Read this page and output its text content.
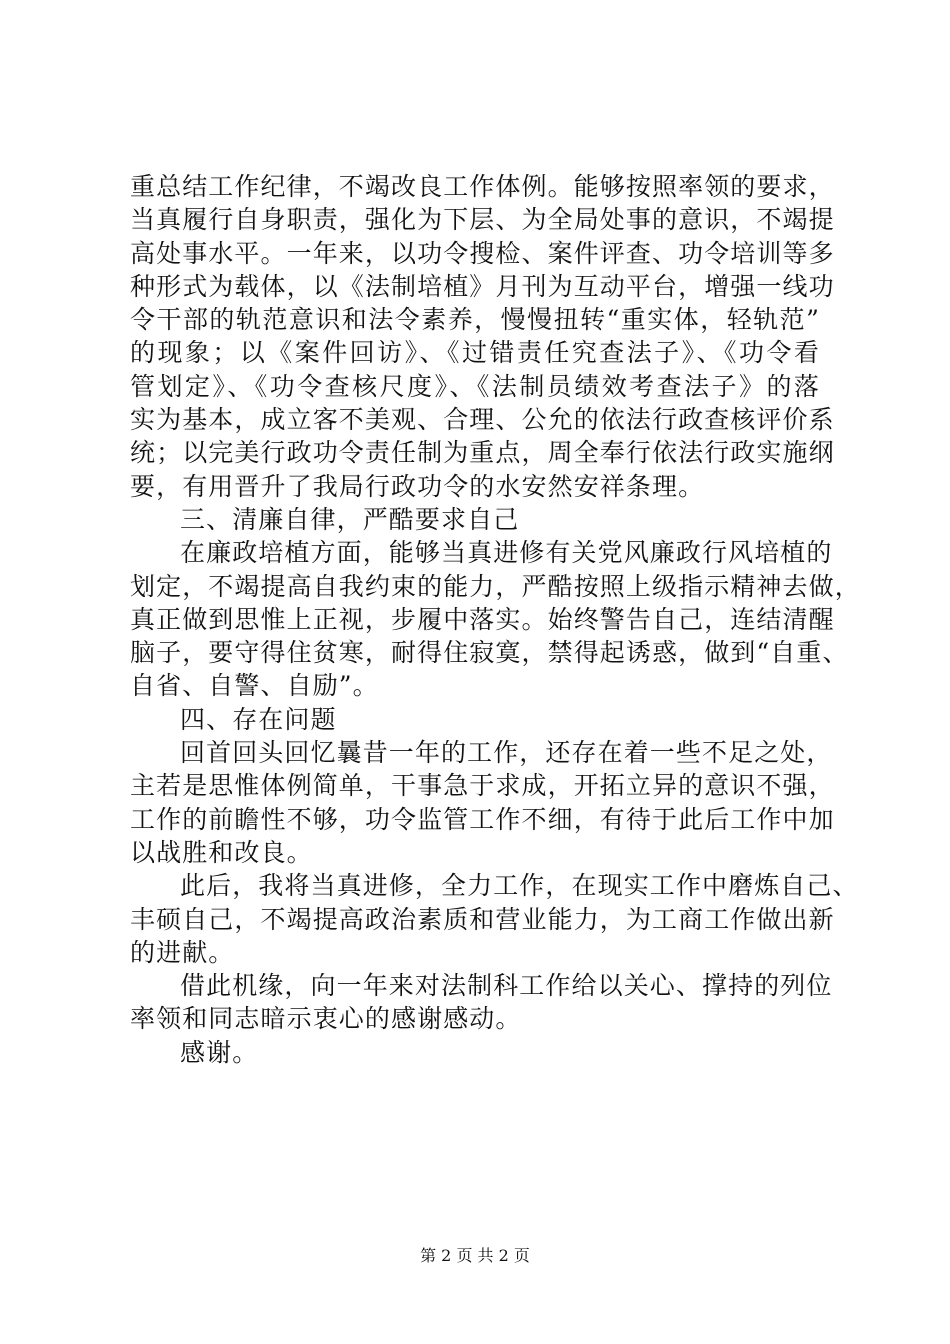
重总结工作纪律，不竭改良工作体例。能够按照率领的要求，
当真履行自身职责，强化为下层、为全局处事的意识，不竭提
高处事水平。一年来，以功令搜检、案件评查、功令培训等多
种形式为载体，以《法制培植》月刊为互动平台，增强一线功
令干部的轨范意识和法令素养，慢慢扭转“重实体，轻轨范”
的现象；以《案件回访》、《过错责任究查法子》、《功令看
管划定》、《功令查核尺度》、《法制员绩效考查法子》的落
实为基本，成立客不美观、合理、公允的依法行政查核评价系
统；以完美行政功令责任制为重点，周全奉行依法行政实施纲
要，有用晋升了我局行政功令的水安然安祥条理。
三、清廉自律，严酷要求自己
在廉政培植方面，能够当真进修有关党风廉政行风培植的
划定，不竭提高自我约束的能力，严酷按照上级指示精神去做，
真正做到思惟上正视，步履中落实。始终警告自己，连结清醒
脑子，要守得住贫寒，耐得住寂寞，禁得起诱惑，做到“自重、
自省、自警、自励”。
四、存在问题
回首回头回忆曩昔一年的工作，还存在着一些不足之处，
主若是思惟体例简单，干事急于求成，开拓立异的意识不强，
工作的前瞻性不够，功令监管工作不细，有待于此后工作中加
以战胜和改良。
此后，我将当真进修，全力工作，在现实工作中磨炼自己、
丰硕自己，不竭提高政治素质和营业能力，为工商工作做出新
的进献。
借此机缘，向一年来对法制科工作给以关心、撑持的列位
率领和同志暗示衷心的感谢感动。
感谢。
第 2 页 共 2 页
